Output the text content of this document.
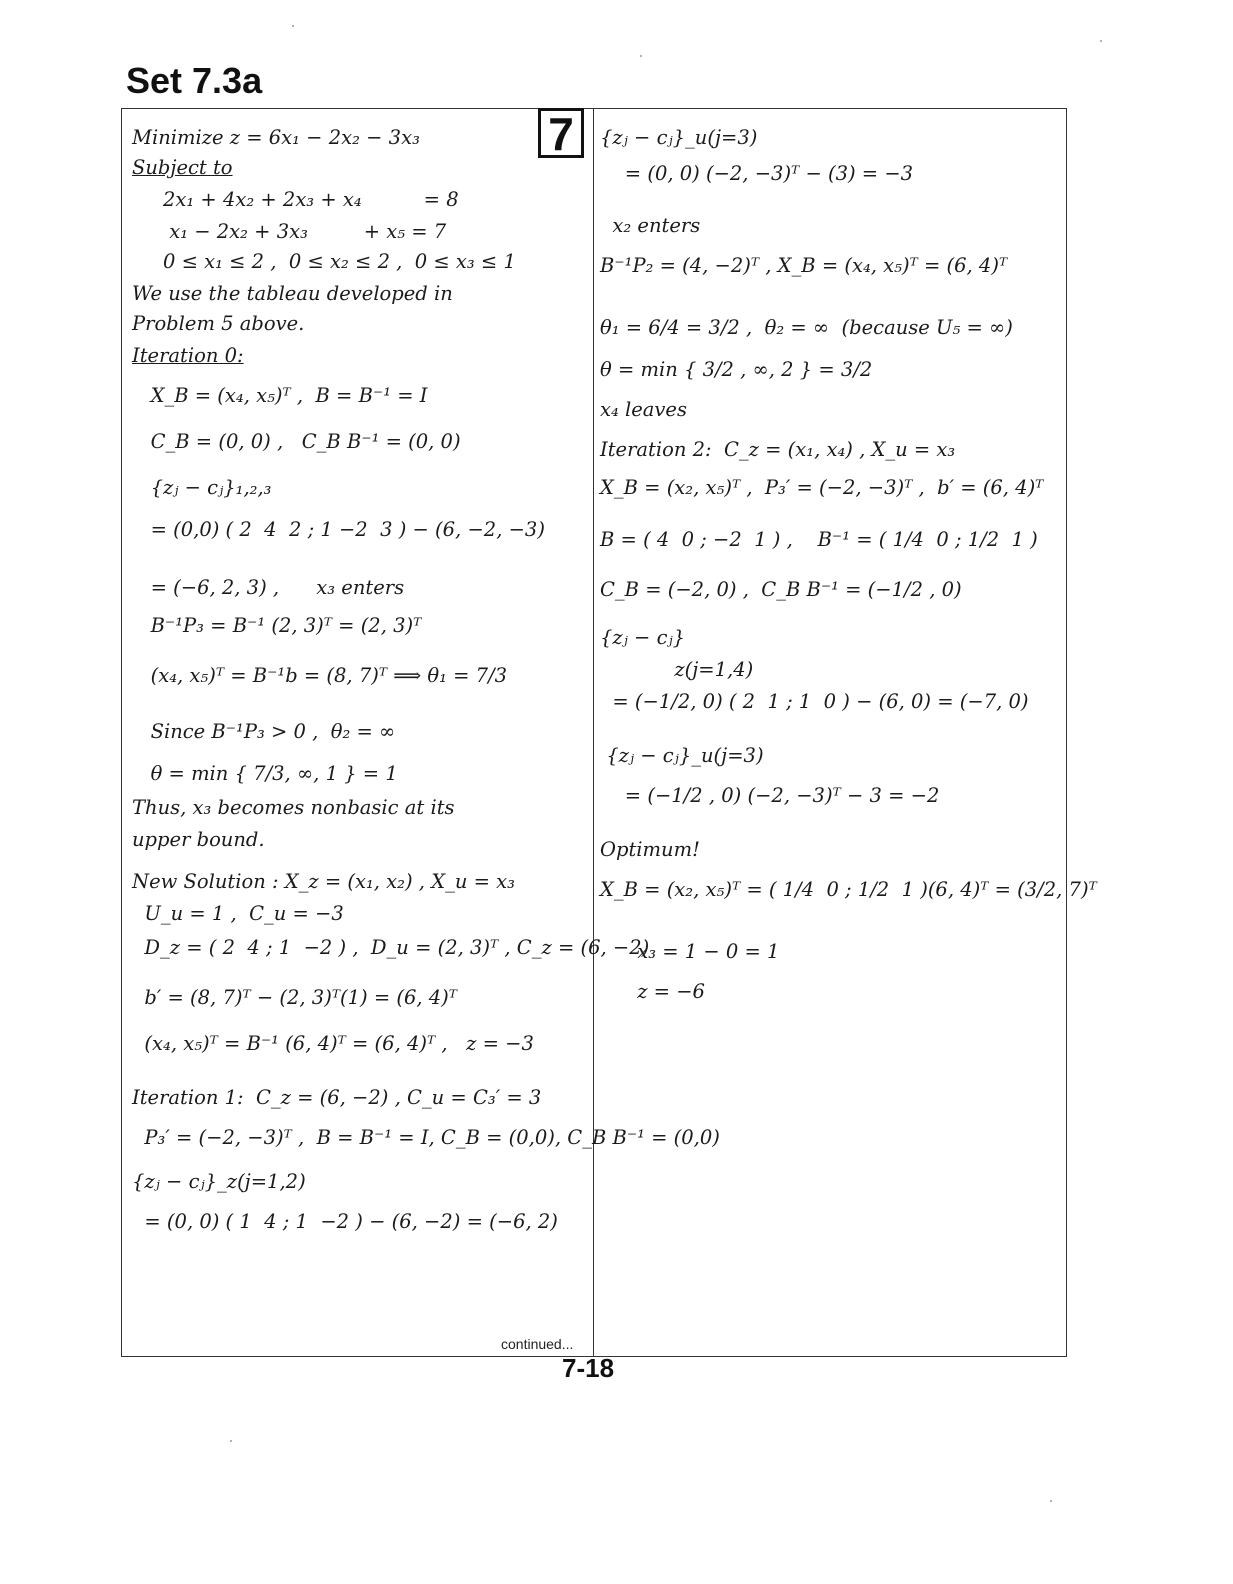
Set 7.3a
7
Minimize z = 6x₁ − 2x₂ − 3x₃
Subject to
2x₁ + 4x₂ + 2x₃ + x₄          = 8
x₁ − 2x₂ + 3x₃         + x₅ = 7
0 ≤ x₁ ≤ 2 ,  0 ≤ x₂ ≤ 2 ,  0 ≤ x₃ ≤ 1
We use the tableau developed in
Problem 5 above.
Iteration 0:
X_B = (x₄, x₅)ᵀ ,  B = B⁻¹ = I
C_B = (0, 0) ,   C_B B⁻¹ = (0, 0)
{zⱼ − cⱼ}₁,₂,₃
= (0,0) ( 2  4  2 ; 1 −2  3 ) − (6, −2, −3)
= (−6, 2, 3) ,      x₃ enters
B⁻¹P₃ = B⁻¹ (2, 3)ᵀ = (2, 3)ᵀ
(x₄, x₅)ᵀ = B⁻¹b = (8, 7)ᵀ ⟹ θ₁ = 7/3
Since B⁻¹P₃ > 0 ,  θ₂ = ∞
θ = min { 7/3, ∞, 1 } = 1
Thus, x₃ becomes nonbasic at its
upper bound.
New Solution : X_z = (x₁, x₂) , X_u = x₃
U_u = 1 ,  C_u = −3
D_z = ( 2  4 ; 1  −2 ) ,  D_u = (2, 3)ᵀ , C_z = (6, −2)
b′ = (8, 7)ᵀ − (2, 3)ᵀ(1) = (6, 4)ᵀ
(x₄, x₅)ᵀ = B⁻¹ (6, 4)ᵀ = (6, 4)ᵀ ,   z = −3
Iteration 1:  C_z = (6, −2) , C_u = C₃′ = 3
P₃′ = (−2, −3)ᵀ ,  B = B⁻¹ = I, C_B = (0,0), C_B B⁻¹ = (0,0)
{zⱼ − cⱼ}_z(j=1,2)
= (0, 0) ( 1  4 ; 1  −2 ) − (6, −2) = (−6, 2)
{zⱼ − cⱼ}_u(j=3)
= (0, 0) (−2, −3)ᵀ − (3) = −3
x₂ enters
B⁻¹P₂ = (4, −2)ᵀ , X_B = (x₄, x₅)ᵀ = (6, 4)ᵀ
θ₁ = 6/4 = 3/2 ,  θ₂ = ∞  (because U₅ = ∞)
θ = min { 3/2 , ∞, 2 } = 3/2
x₄ leaves
Iteration 2:  C_z = (x₁, x₄) , X_u = x₃
X_B = (x₂, x₅)ᵀ ,  P₃′ = (−2, −3)ᵀ ,  b′ = (6, 4)ᵀ
B = ( 4  0 ; −2  1 ) ,    B⁻¹ = ( 1/4  0 ; 1/2  1 )
C_B = (−2, 0) ,  C_B B⁻¹ = (−1/2 , 0)
{zⱼ − cⱼ}
z(j=1,4)
= (−1/2, 0) ( 2  1 ; 1  0 ) − (6, 0) = (−7, 0)
{zⱼ − cⱼ}_u(j=3)
= (−1/2 , 0) (−2, −3)ᵀ − 3 = −2
Optimum!
X_B = (x₂, x₅)ᵀ = ( 1/4  0 ; 1/2  1 )(6, 4)ᵀ = (3/2, 7)ᵀ
x₃ = 1 − 0 = 1
z = −6
continued...
7-18
